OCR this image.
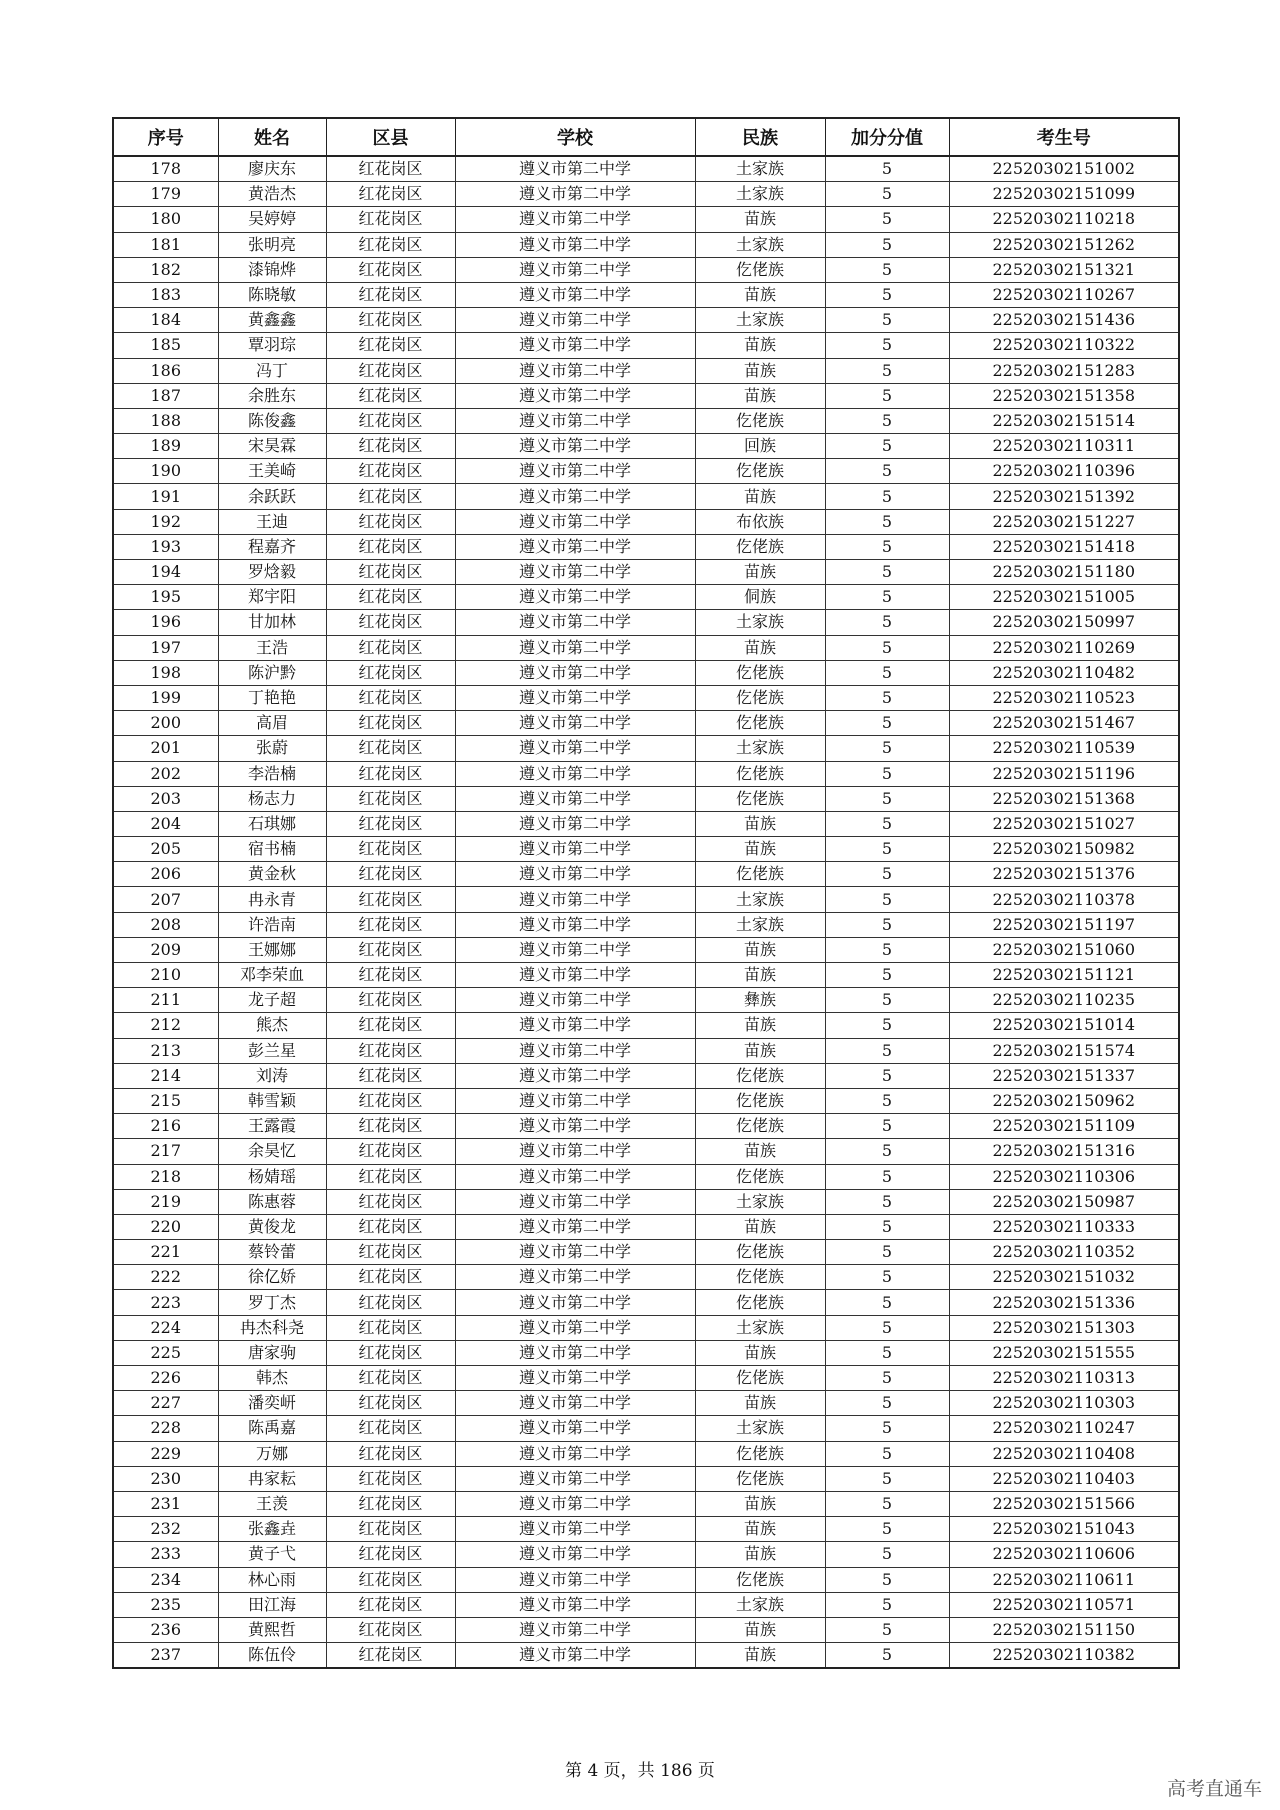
序号	姓名	区县	学校	民族	加分分值	考生号
178	廖庆东	红花岗区	遵义市第二中学	土家族	5	22520302151002
179	黄浩杰	红花岗区	遵义市第二中学	土家族	5	22520302151099
180	吴婷婷	红花岗区	遵义市第二中学	苗族	5	22520302110218
181	张明亮	红花岗区	遵义市第二中学	土家族	5	22520302151262
182	漆锦烨	红花岗区	遵义市第二中学	仡佬族	5	22520302151321
183	陈晓敏	红花岗区	遵义市第二中学	苗族	5	22520302110267
184	黄鑫鑫	红花岗区	遵义市第二中学	土家族	5	22520302151436
185	覃羽琮	红花岗区	遵义市第二中学	苗族	5	22520302110322
186	冯丁	红花岗区	遵义市第二中学	苗族	5	22520302151283
187	余胜东	红花岗区	遵义市第二中学	苗族	5	22520302151358
188	陈俊鑫	红花岗区	遵义市第二中学	仡佬族	5	22520302151514
189	宋昊霖	红花岗区	遵义市第二中学	回族	5	22520302110311
190	王美崎	红花岗区	遵义市第二中学	仡佬族	5	22520302110396
191	余跃跃	红花岗区	遵义市第二中学	苗族	5	22520302151392
192	王迪	红花岗区	遵义市第二中学	布依族	5	22520302151227
193	程嘉齐	红花岗区	遵义市第二中学	仡佬族	5	22520302151418
194	罗焓毅	红花岗区	遵义市第二中学	苗族	5	22520302151180
195	郑宇阳	红花岗区	遵义市第二中学	侗族	5	22520302151005
196	甘加林	红花岗区	遵义市第二中学	土家族	5	22520302150997
197	王浩	红花岗区	遵义市第二中学	苗族	5	22520302110269
198	陈沪黔	红花岗区	遵义市第二中学	仡佬族	5	22520302110482
199	丁艳艳	红花岗区	遵义市第二中学	仡佬族	5	22520302110523
200	高眉	红花岗区	遵义市第二中学	仡佬族	5	22520302151467
201	张蔚	红花岗区	遵义市第二中学	土家族	5	22520302110539
202	李浩楠	红花岗区	遵义市第二中学	仡佬族	5	22520302151196
203	杨志力	红花岗区	遵义市第二中学	仡佬族	5	22520302151368
204	石琪娜	红花岗区	遵义市第二中学	苗族	5	22520302151027
205	宿书楠	红花岗区	遵义市第二中学	苗族	5	22520302150982
206	黄金秋	红花岗区	遵义市第二中学	仡佬族	5	22520302151376
207	冉永青	红花岗区	遵义市第二中学	土家族	5	22520302110378
208	许浩南	红花岗区	遵义市第二中学	土家族	5	22520302151197
209	王娜娜	红花岗区	遵义市第二中学	苗族	5	22520302151060
210	邓李荣血	红花岗区	遵义市第二中学	苗族	5	22520302151121
211	龙子超	红花岗区	遵义市第二中学	彝族	5	22520302110235
212	熊杰	红花岗区	遵义市第二中学	苗族	5	22520302151014
213	彭兰星	红花岗区	遵义市第二中学	苗族	5	22520302151574
214	刘涛	红花岗区	遵义市第二中学	仡佬族	5	22520302151337
215	韩雪颖	红花岗区	遵义市第二中学	仡佬族	5	22520302150962
216	王露霞	红花岗区	遵义市第二中学	仡佬族	5	22520302151109
217	余昊忆	红花岗区	遵义市第二中学	苗族	5	22520302151316
218	杨婧瑶	红花岗区	遵义市第二中学	仡佬族	5	22520302110306
219	陈惠蓉	红花岗区	遵义市第二中学	土家族	5	22520302150987
220	黄俊龙	红花岗区	遵义市第二中学	苗族	5	22520302110333
221	蔡铃蕾	红花岗区	遵义市第二中学	仡佬族	5	22520302110352
222	徐亿娇	红花岗区	遵义市第二中学	仡佬族	5	22520302151032
223	罗丁杰	红花岗区	遵义市第二中学	仡佬族	5	22520302151336
224	冉杰科尧	红花岗区	遵义市第二中学	土家族	5	22520302151303
225	唐家驹	红花岗区	遵义市第二中学	苗族	5	22520302151555
226	韩杰	红花岗区	遵义市第二中学	仡佬族	5	22520302110313
227	潘奕岍	红花岗区	遵义市第二中学	苗族	5	22520302110303
228	陈禹嘉	红花岗区	遵义市第二中学	土家族	5	22520302110247
229	万娜	红花岗区	遵义市第二中学	仡佬族	5	22520302110408
230	冉家耘	红花岗区	遵义市第二中学	仡佬族	5	22520302110403
231	王羡	红花岗区	遵义市第二中学	苗族	5	22520302151566
232	张鑫垚	红花岗区	遵义市第二中学	苗族	5	22520302151043
233	黄子弋	红花岗区	遵义市第二中学	苗族	5	22520302110606
234	林心雨	红花岗区	遵义市第二中学	仡佬族	5	22520302110611
235	田江海	红花岗区	遵义市第二中学	土家族	5	22520302110571
236	黄熙哲	红花岗区	遵义市第二中学	苗族	5	22520302151150
237	陈伍伶	红花岗区	遵义市第二中学	苗族	5	22520302110382
第 4 页，共 186 页
高考直通车
